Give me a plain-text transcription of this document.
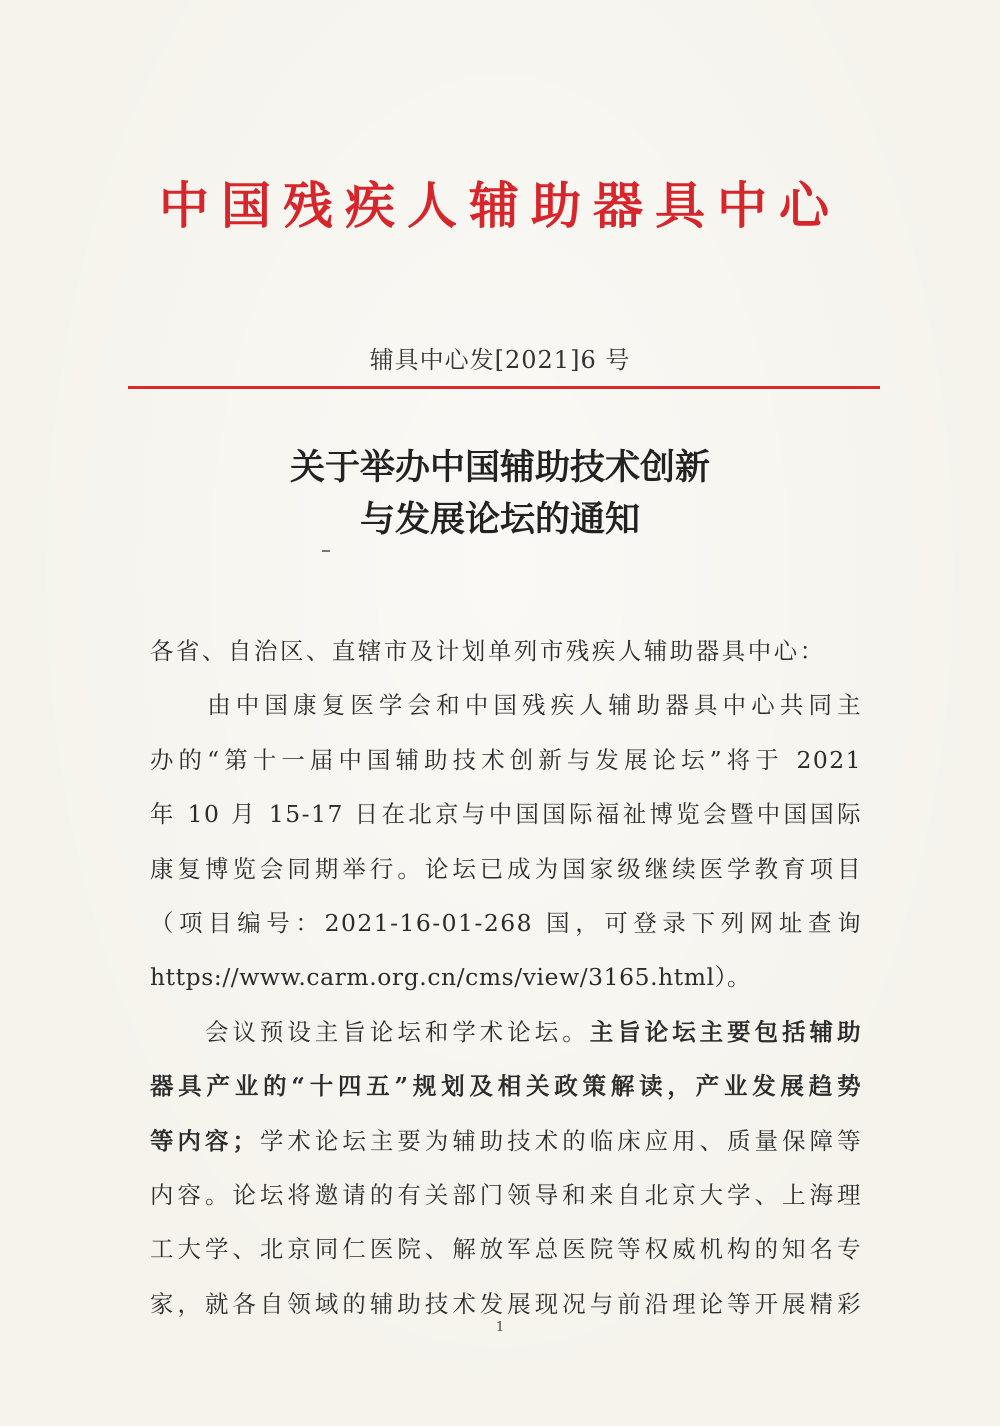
中国残疾人辅助器具中心
辅具中心发[2021]6 号
关于举办中国辅助技术创新
与发展论坛的通知
各省、自治区、直辖市及计划单列市残疾人辅助器具中心：
　　由中国康复医学会和中国残疾人辅助器具中心共同主
办的“第十一届中国辅助技术创新与发展论坛”将于 2021
年 10 月 15-17 日在北京与中国国际福祉博览会暨中国国际
康复博览会同期举行。论坛已成为国家级继续医学教育项目
（项目编号：2021-16-01-268 国，可登录下列网址查询
https://www.carm.org.cn/cms/view/3165.html）。
　　会议预设主旨论坛和学术论坛。主旨论坛主要包括辅助
器具产业的“十四五”规划及相关政策解读，产业发展趋势
等内容；学术论坛主要为辅助技术的临床应用、质量保障等
内容。论坛将邀请的有关部门领导和来自北京大学、上海理
工大学、北京同仁医院、解放军总医院等权威机构的知名专
家，就各自领域的辅助技术发展现况与前沿理论等开展精彩
1
